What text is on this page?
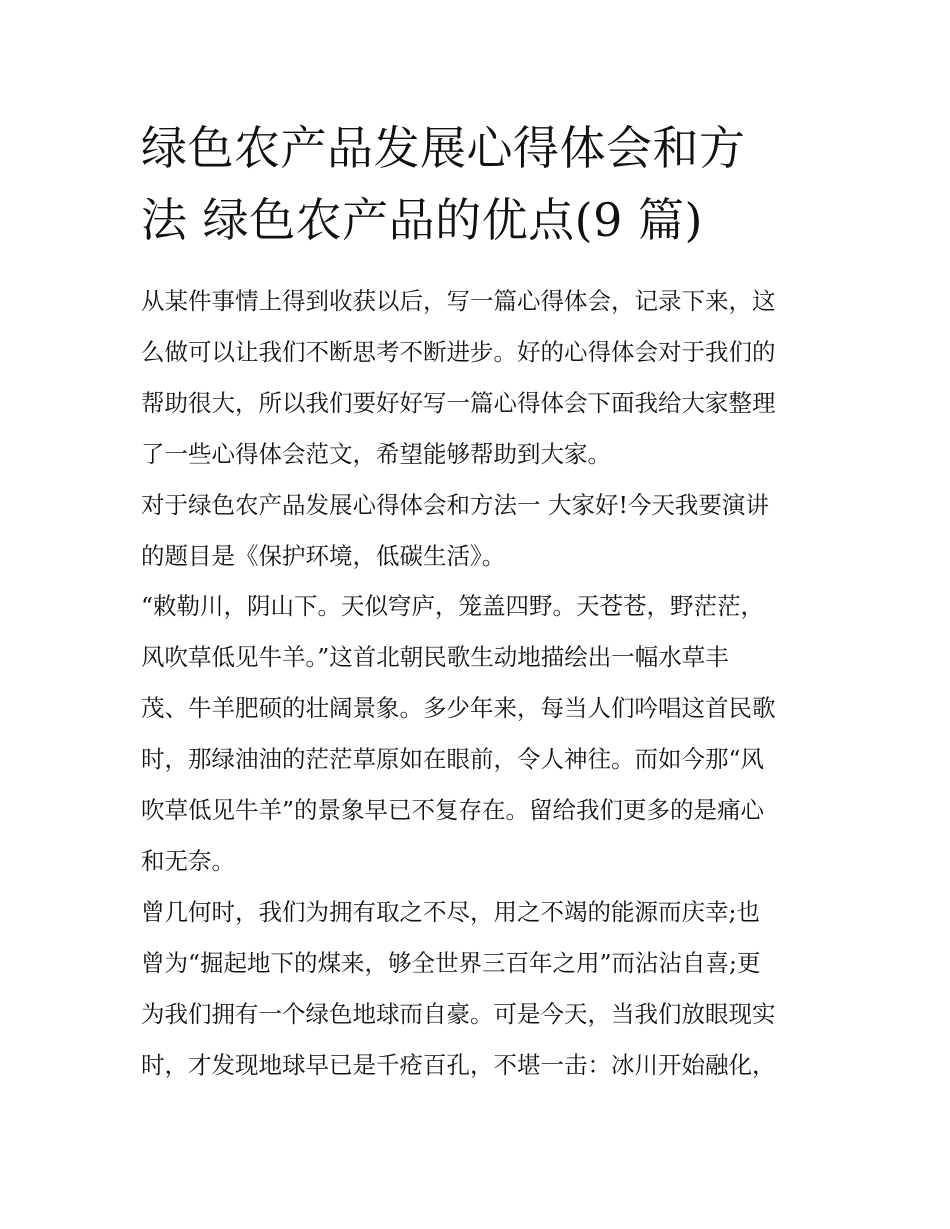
绿色农产品发展心得体会和方
法 绿色农产品的优点(9 篇)
从某件事情上得到收获以后，写一篇心得体会，记录下来，这
么做可以让我们不断思考不断进步。好的心得体会对于我们的
帮助很大，所以我们要好好写一篇心得体会下面我给大家整理
了一些心得体会范文，希望能够帮助到大家。
对于绿色农产品发展心得体会和方法一 大家好!今天我要演讲
的题目是《保护环境，低碳生活》。
“敕勒川，阴山下。天似穹庐，笼盖四野。天苍苍，野茫茫，
风吹草低见牛羊。”这首北朝民歌生动地描绘出一幅水草丰
茂、牛羊肥硕的壮阔景象。多少年来，每当人们吟唱这首民歌
时，那绿油油的茫茫草原如在眼前，令人神往。而如今那“风
吹草低见牛羊”的景象早已不复存在。留给我们更多的是痛心
和无奈。
曾几何时，我们为拥有取之不尽，用之不竭的能源而庆幸;也
曾为“掘起地下的煤来，够全世界三百年之用”而沾沾自喜;更
为我们拥有一个绿色地球而自豪。可是今天，当我们放眼现实
时，才发现地球早已是千疮百孔，不堪一击：冰川开始融化，
